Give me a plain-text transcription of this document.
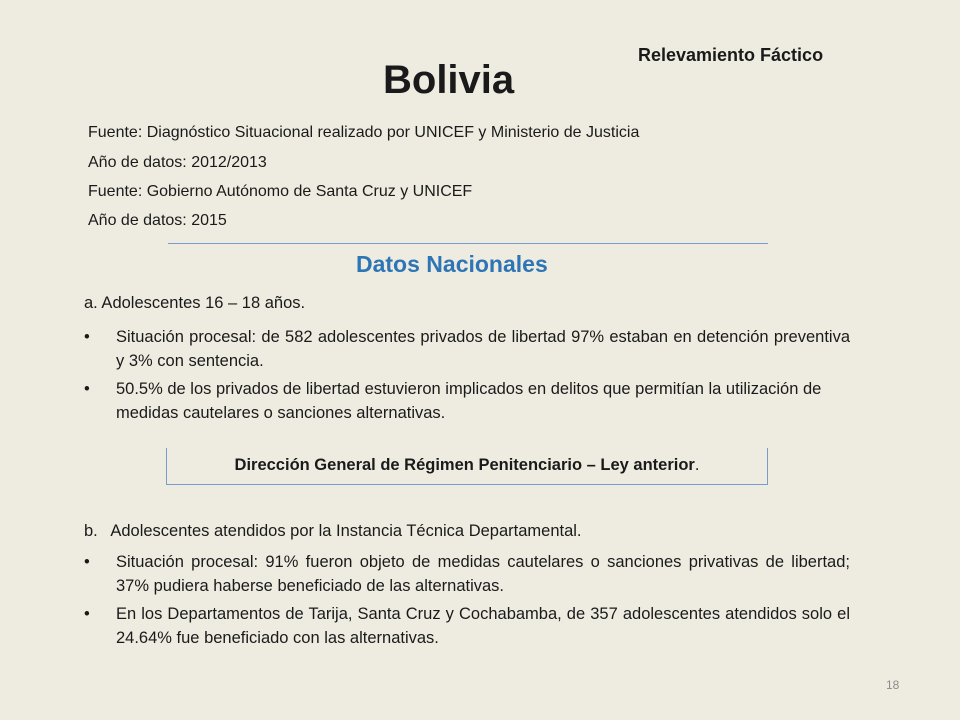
Relevamiento Fáctico
Bolivia
Fuente: Diagnóstico Situacional realizado por UNICEF y Ministerio de Justicia
Año de datos: 2012/2013
Fuente: Gobierno Autónomo de Santa Cruz y UNICEF
Año de datos: 2015
Datos Nacionales
a. Adolescentes 16 – 18 años.
• Situación procesal: de 582 adolescentes privados de libertad 97% estaban en detención preventiva y 3% con sentencia.
• 50.5% de los privados de libertad estuvieron implicados en delitos que permitían la utilización de medidas cautelares o sanciones alternativas.
Dirección General de Régimen Penitenciario – Ley anterior.
b. Adolescentes atendidos por la Instancia Técnica Departamental.
• Situación procesal: 91% fueron objeto de medidas cautelares o sanciones privativas de libertad; 37% pudiera haberse beneficiado de las alternativas.
• En los Departamentos de Tarija, Santa Cruz y Cochabamba, de 357 adolescentes atendidos solo el 24.64% fue beneficiado con las alternativas.
18
